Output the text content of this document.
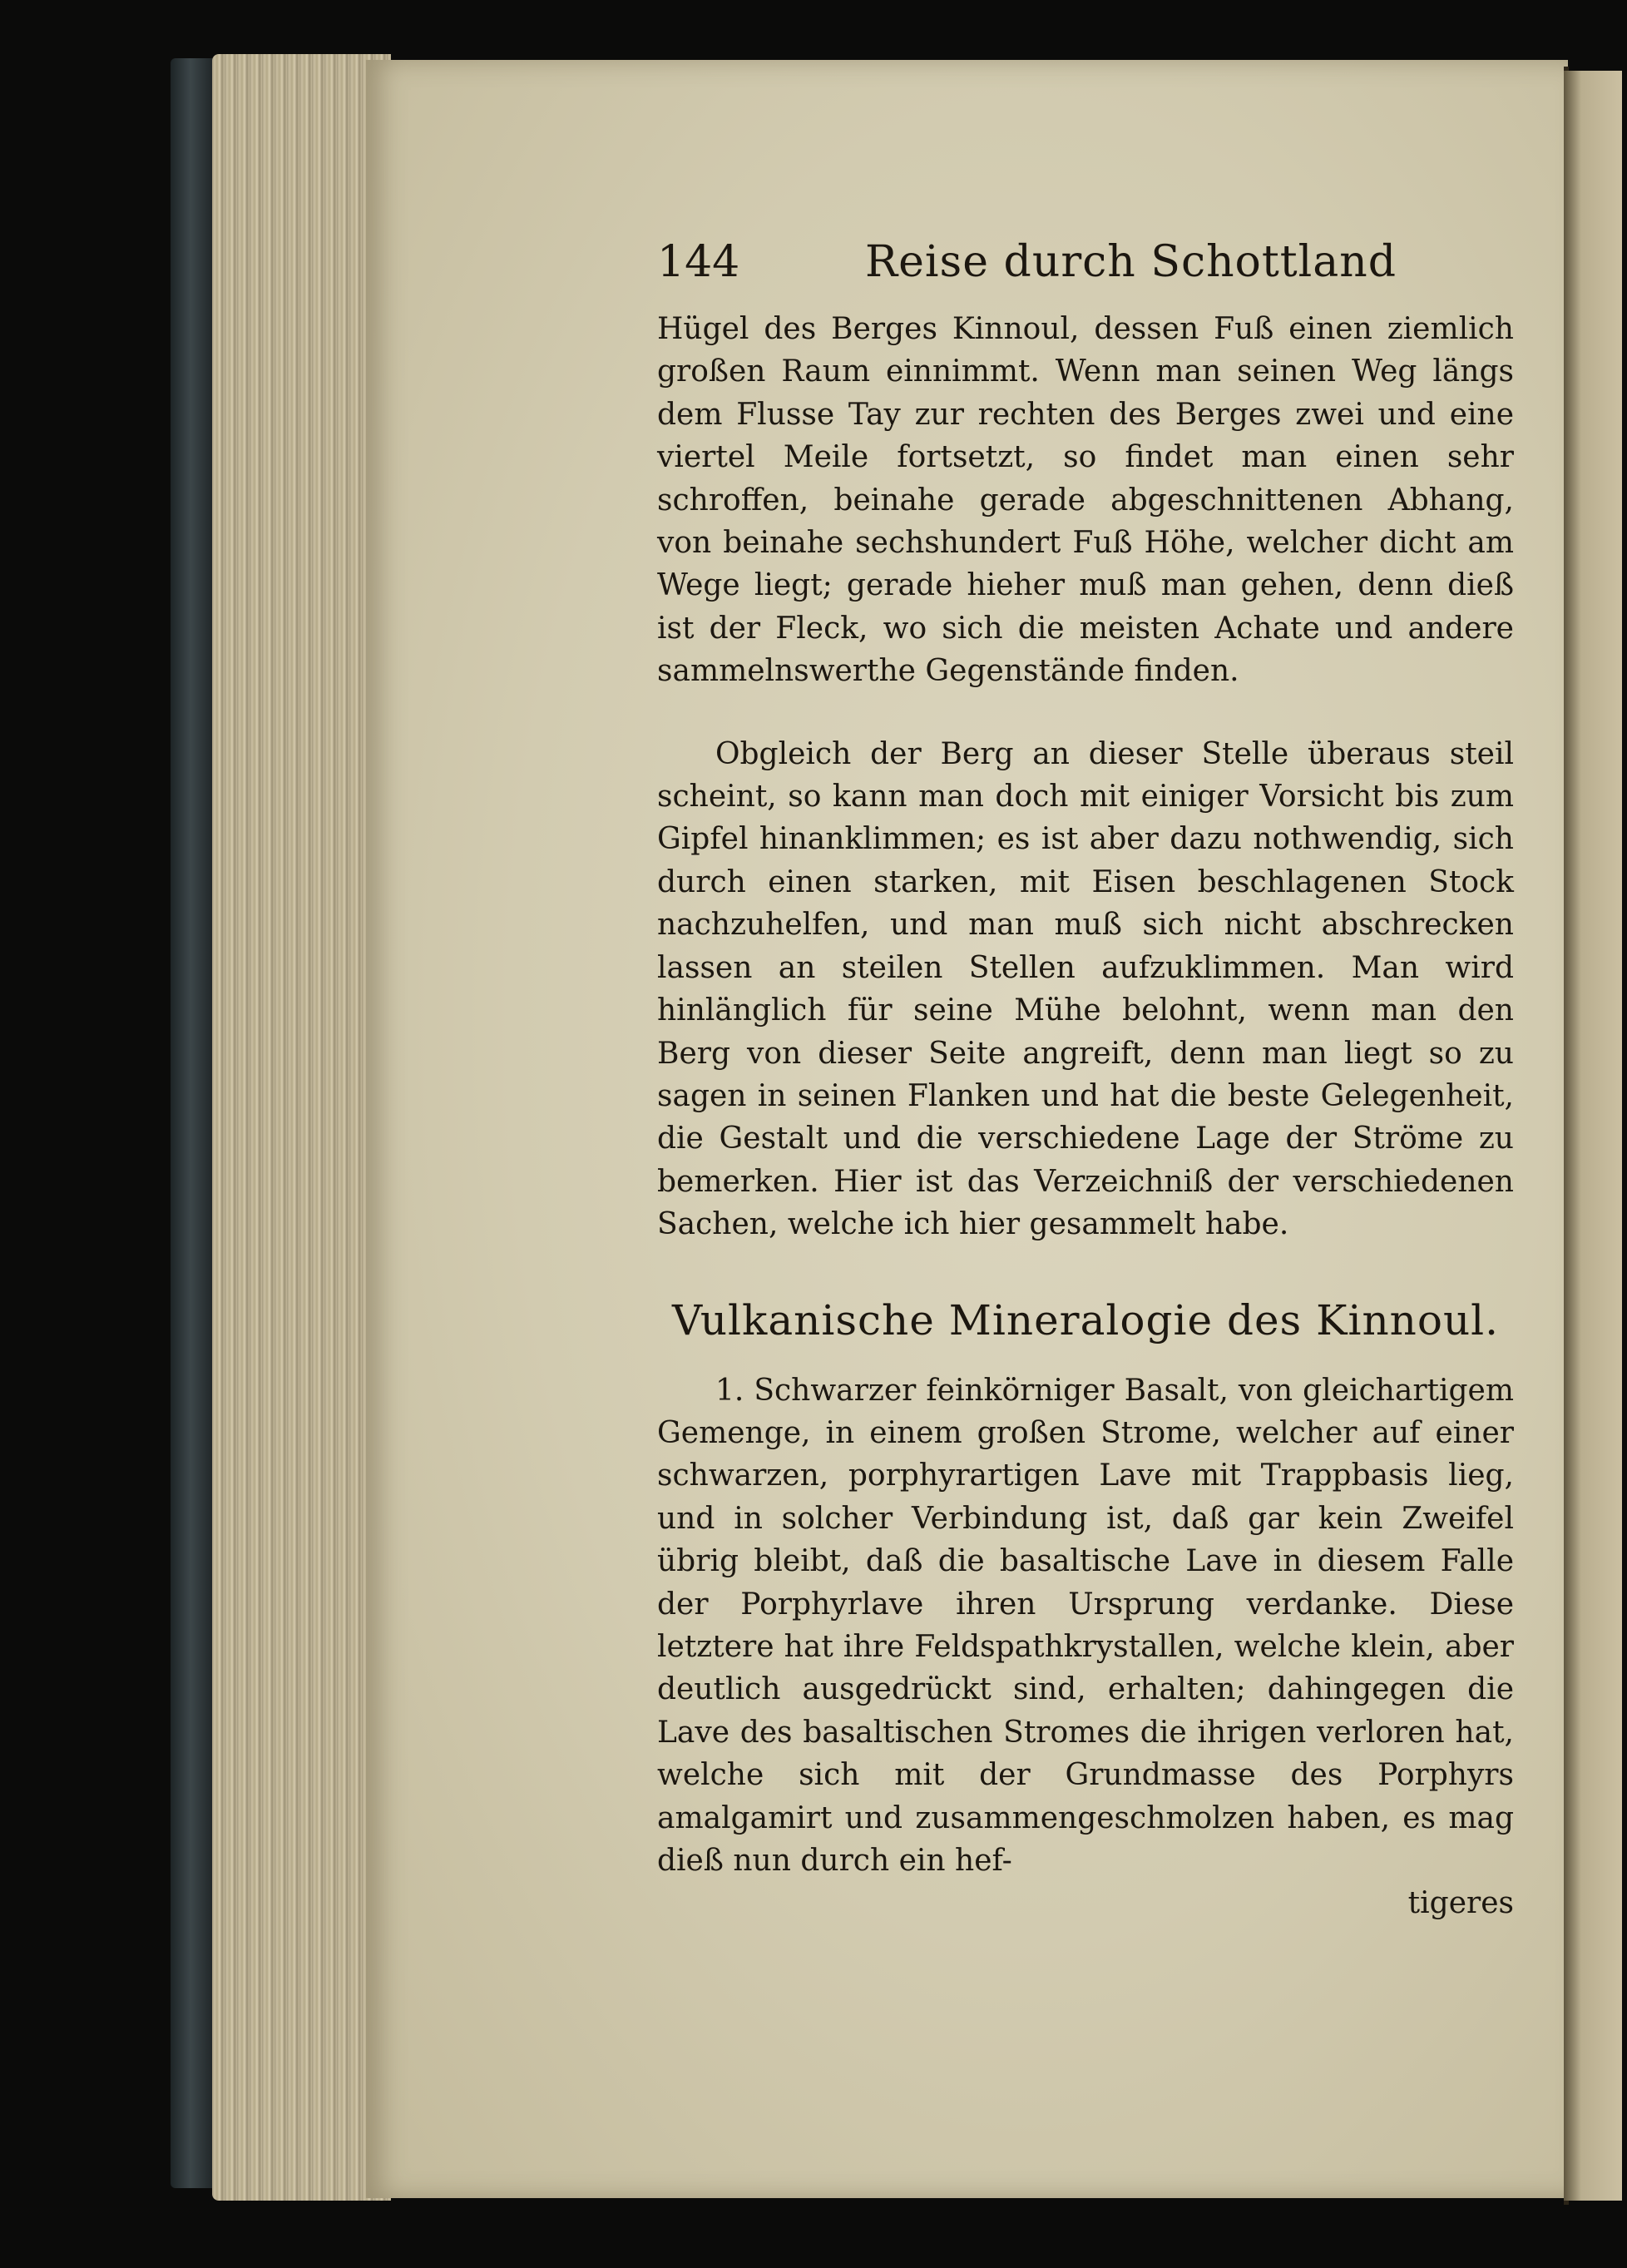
144	Reise durch Schottland

Hügel des Berges Kinnoul, dessen Fuß einen ziemlich großen Raum einnimmt. Wenn man seinen Weg längs dem Flusse Tay zur rechten des Berges zwei und eine viertel Meile fortsetzt, so findet man einen sehr schroffen, beinahe gerade abgeschnittenen Abhang, von beinahe sechshundert Fuß Höhe, welcher dicht am Wege liegt; gerade hieher muß man gehen, denn dieß ist der Fleck, wo sich die meisten Achate und andere sammelnswerthe Gegenstände finden.

Obgleich der Berg an dieser Stelle überaus steil scheint, so kann man doch mit einiger Vorsicht bis zum Gipfel hinanklimmen; es ist aber dazu nothwendig, sich durch einen starken, mit Eisen beschlagenen Stock nachzuhelfen, und man muß sich nicht abschrecken lassen an steilen Stellen aufzuklimmen. Man wird hinlänglich für seine Mühe belohnt, wenn man den Berg von dieser Seite angreift, denn man liegt so zu sagen in seinen Flanken und hat die beste Gelegenheit, die Gestalt und die verschiedene Lage der Ströme zu bemerken. Hier ist das Verzeichniß der verschiedenen Sachen, welche ich hier gesammelt habe.

Vulkanische Mineralogie des Kinnoul.

1. Schwarzer feinkörniger Basalt, von gleichartigem Gemenge, in einem großen Strome, welcher auf einer schwarzen, porphyrartigen Lave mit Trappbasis lieg, und in solcher Verbindung ist, daß gar kein Zweifel übrig bleibt, daß die basaltische Lave in diesem Falle der Porphyrlave ihren Ursprung verdanke. Diese letztere hat ihre Feldspathkrystallen, welche klein, aber deutlich ausgedrückt sind, erhalten; dahingegen die Lave des basaltischen Stromes die ihrigen verloren hat, welche sich mit der Grundmasse des Porphyrs amalgamirt und zusammengeschmolzen haben, es mag dieß nun durch ein hef-

tigeres
